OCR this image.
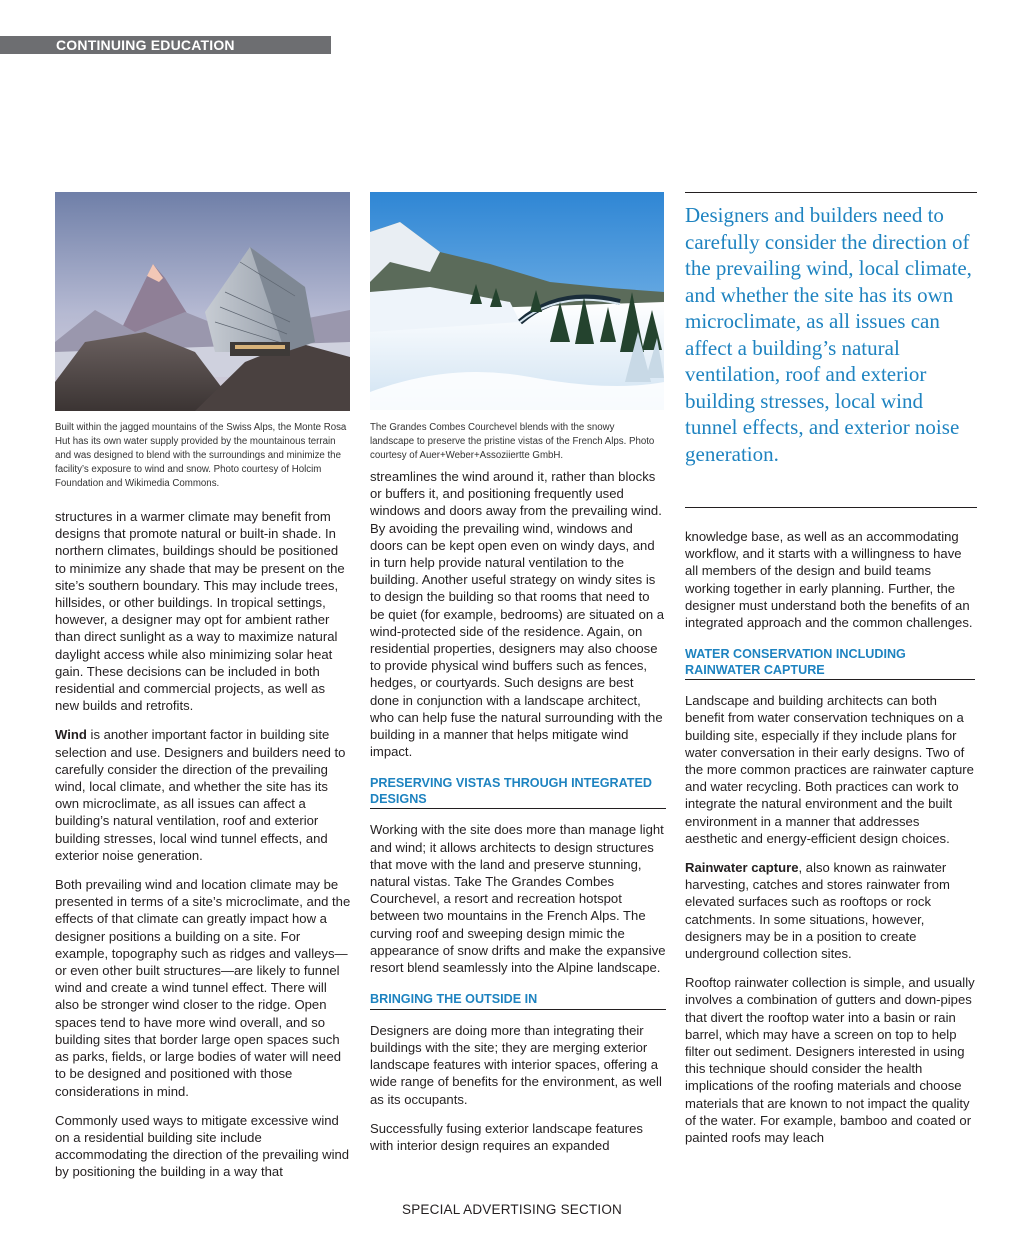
CONTINUING EDUCATION
Built within the jagged mountains of the Swiss Alps, the Monte Rosa Hut has its own water supply provided by the mountainous terrain and was designed to blend with the surroundings and minimize the facility’s exposure to wind and snow. Photo courtesy of Holcim Foundation and Wikimedia Commons.
The Grandes Combes Courchevel blends with the snowy landscape to preserve the pristine vistas of the French Alps. Photo courtesy of Auer+Weber+Assoziiertte GmbH.
Designers and builders need to carefully consider the direction of the prevailing wind, local climate, and whether the site has its own microclimate, as all issues can affect a building’s natural ventilation, roof and exterior building stresses, local wind tunnel effects, and exterior noise generation.

structures in a warmer climate may benefit from designs that promote natural or built-in shade. In northern climates, buildings should be positioned to minimize any shade that may be present on the site’s southern boundary. This may include trees, hillsides, or other buildings. In tropical settings, however, a designer may opt for ambient rather than direct sunlight as a way to maximize natural daylight access while also minimizing solar heat gain. These decisions can be included in both residential and commercial projects, as well as new builds and retrofits.

Wind is another important factor in building site selection and use. Designers and builders need to carefully consider the direction of the prevailing wind, local climate, and whether the site has its own microclimate, as all issues can affect a building’s natural ventilation, roof and exterior building stresses, local wind tunnel effects, and exterior noise generation.

Both prevailing wind and location climate may be presented in terms of a site’s microclimate, and the effects of that climate can greatly impact how a designer positions a building on a site. For example, topography such as ridges and valleys—or even other built structures—are likely to funnel wind and create a wind tunnel effect. There will also be stronger wind closer to the ridge. Open spaces tend to have more wind overall, and so building sites that border large open spaces such as parks, fields, or large bodies of water will need to be designed and positioned with those considerations in mind.

Commonly used ways to mitigate excessive wind on a residential building site include accommodating the direction of the prevailing wind by positioning the building in a way that

streamlines the wind around it, rather than blocks or buffers it, and positioning frequently used windows and doors away from the prevailing wind. By avoiding the prevailing wind, windows and doors can be kept open even on windy days, and in turn help provide natural ventilation to the building. Another useful strategy on windy sites is to design the building so that rooms that need to be quiet (for example, bedrooms) are situated on a wind-protected side of the residence. Again, on residential properties, designers may also choose to provide physical wind buffers such as fences, hedges, or courtyards. Such designs are best done in conjunction with a landscape architect, who can help fuse the natural surrounding with the building in a manner that helps mitigate wind impact.

PRESERVING VISTAS THROUGH INTEGRATED DESIGNS

Working with the site does more than manage light and wind; it allows architects to design structures that move with the land and preserve stunning, natural vistas. Take The Grandes Combes Courchevel, a resort and recreation hotspot between two mountains in the French Alps. The curving roof and sweeping design mimic the appearance of snow drifts and make the expansive resort blend seamlessly into the Alpine landscape.

BRINGING THE OUTSIDE IN

Designers are doing more than integrating their buildings with the site; they are merging exterior landscape features with interior spaces, offering a wide range of benefits for the environment, as well as its occupants.

Successfully fusing exterior landscape features with interior design requires an expanded

knowledge base, as well as an accommodating workflow, and it starts with a willingness to have all members of the design and build teams working together in early planning. Further, the designer must understand both the benefits of an integrated approach and the common challenges.

WATER CONSERVATION INCLUDING RAINWATER CAPTURE

Landscape and building architects can both benefit from water conservation techniques on a building site, especially if they include plans for water conversation in their early designs. Two of the more common practices are rainwater capture and water recycling. Both practices can work to integrate the natural environment and the built environment in a manner that addresses aesthetic and energy-efficient design choices.

Rainwater capture, also known as rainwater harvesting, catches and stores rainwater from elevated surfaces such as rooftops or rock catchments. In some situations, however, designers may be in a position to create underground collection sites.

Rooftop rainwater collection is simple, and usually involves a combination of gutters and down-pipes that divert the rooftop water into a basin or rain barrel, which may have a screen on top to help filter out sediment. Designers interested in using this technique should consider the health implications of the roofing materials and choose materials that are known to not impact the quality of the water. For example, bamboo and coated or painted roofs may leach

SPECIAL ADVERTISING SECTION
